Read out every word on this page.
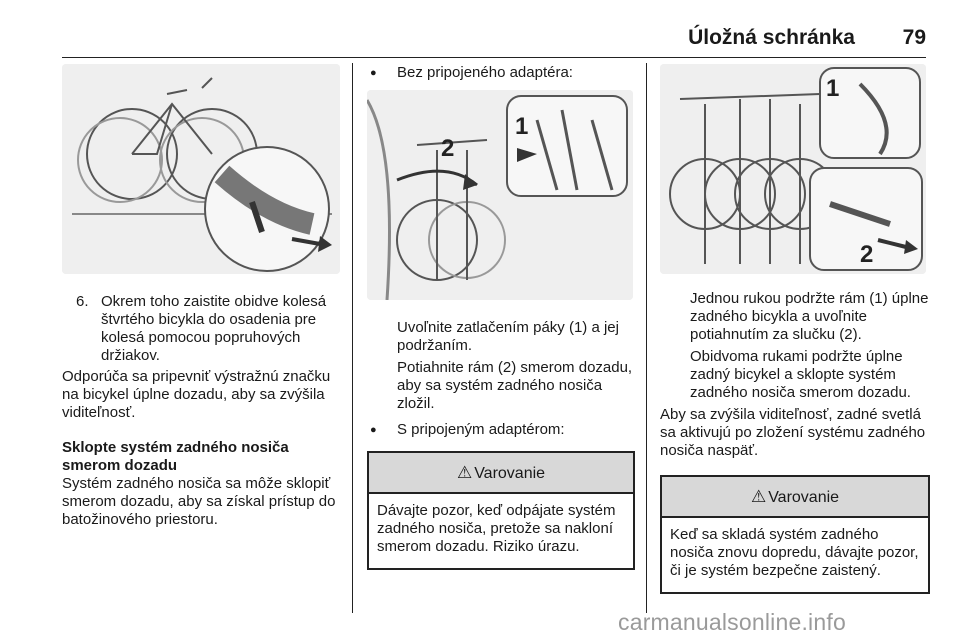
Úložná schránka 79
6. Okrem toho zaistite obidve kolesá štvrtého bicykla do osadenia pre kolesá pomocou popruhových držiakov.

Odporúča sa pripevniť výstražnú značku na bicykel úplne dozadu, aby sa zvýšila viditeľnosť.

Sklopte systém zadného nosiča smerom dozadu

Systém zadného nosiča sa môže sklopiť smerom dozadu, aby sa získal prístup do batožinového priestoru.

● Bez pripojeného adaptéra:

2
1

Uvoľnite zatlačením páky (1) a jej podržaním.

Potiahnite rám (2) smerom dozadu, aby sa systém zadného nosiča zložil.

● S pripojeným adaptérom:

⚠ Varovanie
Dávajte pozor, keď odpájate systém zadného nosiča, pretože sa nakloní smerom dozadu. Riziko úrazu.
1
2

Jednou rukou podržte rám (1) úplne zadného bicykla a uvoľnite potiahnutím za slučku (2).

Obidvoma rukami podržte úplne zadný bicykel a sklopte systém zadného nosiča smerom dozadu.

Aby sa zvýšila viditeľnosť, zadné svetlá sa aktivujú po zložení systému zadného nosiča naspäť.

⚠ Varovanie
Keď sa skladá systém zadného nosiča znovu dopredu, dávajte pozor, či je systém bezpečne zaistený.
carmanualsonline.info
